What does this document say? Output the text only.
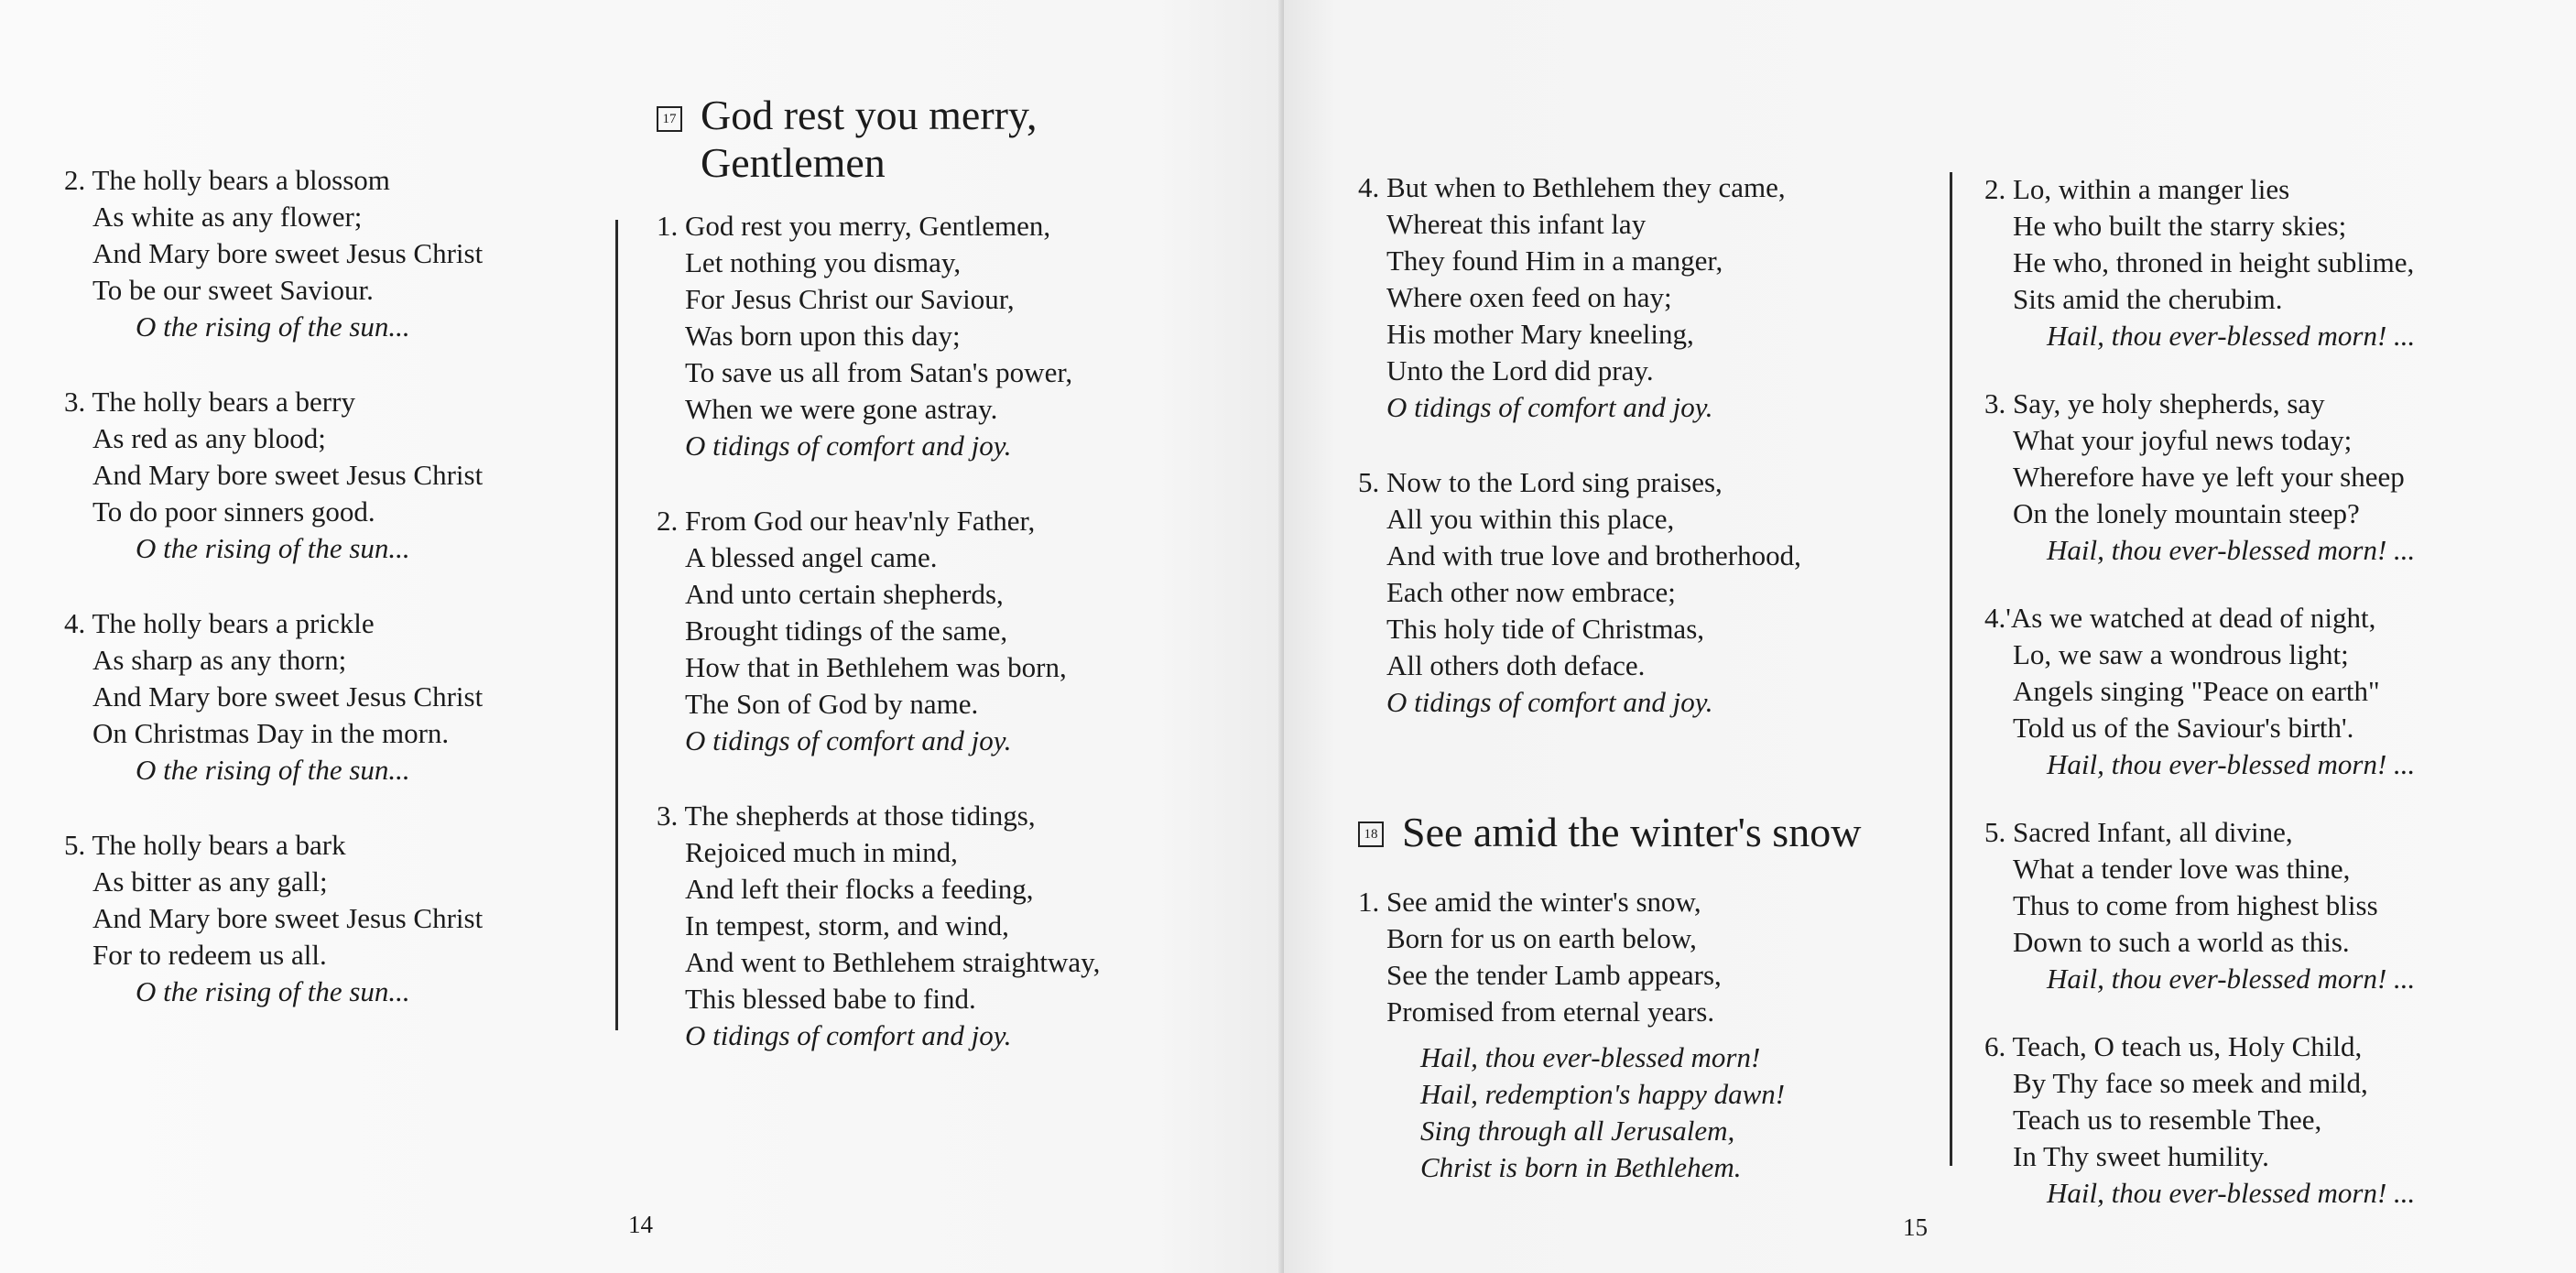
2. The holly bears a blossom
As white as any flower;
And Mary bore sweet Jesus Christ
To be our sweet Saviour.
O the rising of the sun...
3. The holly bears a berry
As red as any blood;
And Mary bore sweet Jesus Christ
To do poor sinners good.
O the rising of the sun...
4. The holly bears a prickle
As sharp as any thorn;
And Mary bore sweet Jesus Christ
On Christmas Day in the morn.
O the rising of the sun...
5. The holly bears a bark
As bitter as any gall;
And Mary bore sweet Jesus Christ
For to redeem us all.
O the rising of the sun...
17 God rest you merry,
Gentlemen
1. God rest you merry, Gentlemen,
Let nothing you dismay,
For Jesus Christ our Saviour,
Was born upon this day;
To save us all from Satan's power,
When we were gone astray.
O tidings of comfort and joy.
2. From God our heav'nly Father,
A blessed angel came.
And unto certain shepherds,
Brought tidings of the same,
How that in Bethlehem was born,
The Son of God by name.
O tidings of comfort and joy.
3. The shepherds at those tidings,
Rejoiced much in mind,
And left their flocks a feeding,
In tempest, storm, and wind,
And went to Bethlehem straightway,
This blessed babe to find.
O tidings of comfort and joy.
14
4. But when to Bethlehem they came,
Whereat this infant lay
They found Him in a manger,
Where oxen feed on hay;
His mother Mary kneeling,
Unto the Lord did pray.
O tidings of comfort and joy.
5. Now to the Lord sing praises,
All you within this place,
And with true love and brotherhood,
Each other now embrace;
This holy tide of Christmas,
All others doth deface.
O tidings of comfort and joy.
18 See amid the winter's snow
1. See amid the winter's snow,
Born for us on earth below,
See the tender Lamb appears,
Promised from eternal years.
Hail, thou ever-blessed morn!
Hail, redemption's happy dawn!
Sing through all Jerusalem,
Christ is born in Bethlehem.
2. Lo, within a manger lies
He who built the starry skies;
He who, throned in height sublime,
Sits amid the cherubim.
Hail, thou ever-blessed morn! ...
3. Say, ye holy shepherds, say
What your joyful news today;
Wherefore have ye left your sheep
On the lonely mountain steep?
Hail, thou ever-blessed morn! ...
4.'As we watched at dead of night,
Lo, we saw a wondrous light;
Angels singing "Peace on earth"
Told us of the Saviour's birth'.
Hail, thou ever-blessed morn! ...
5. Sacred Infant, all divine,
What a tender love was thine,
Thus to come from highest bliss
Down to such a world as this.
Hail, thou ever-blessed morn! ...
6. Teach, O teach us, Holy Child,
By Thy face so meek and mild,
Teach us to resemble Thee,
In Thy sweet humility.
Hail, thou ever-blessed morn! ...
15
